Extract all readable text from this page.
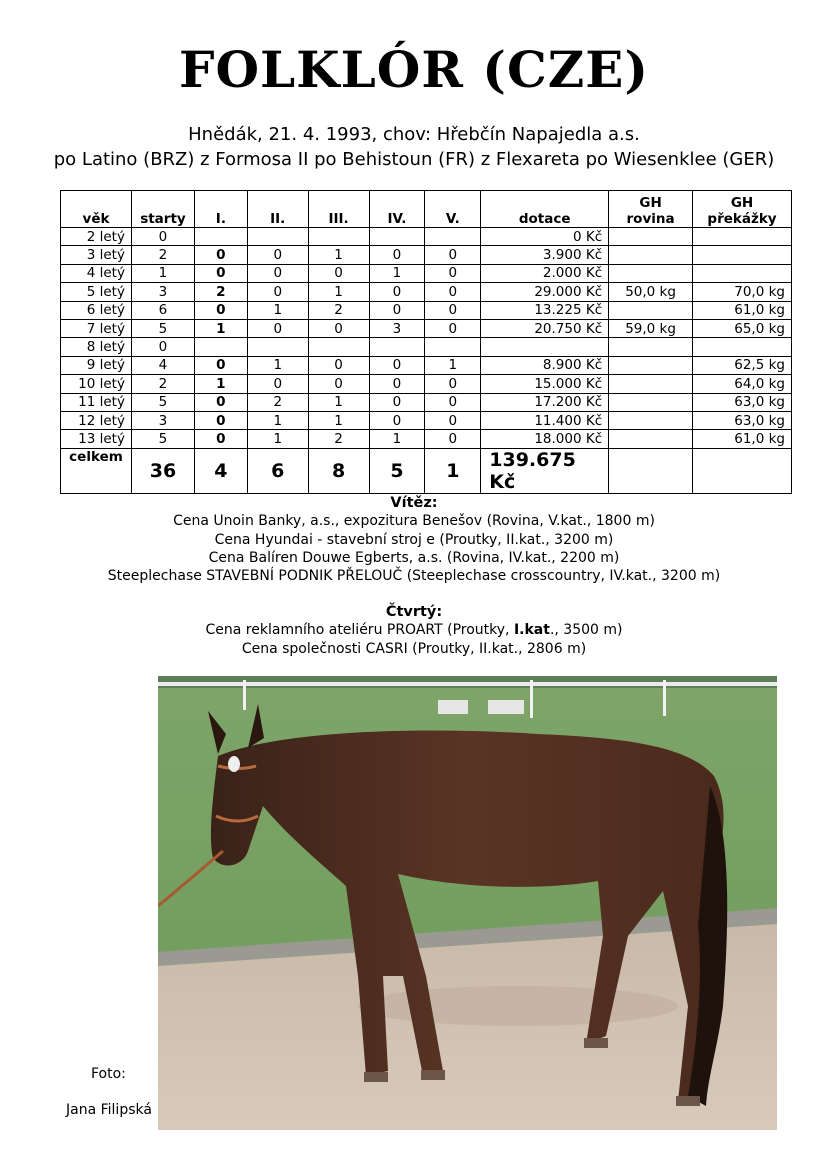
FOLKLÓR (CZE)
Hnědák, 21. 4. 1993, chov: Hřebčín Napajedla a.s.
po Latino (BRZ) z Formosa II po Behistoun (FR) z Flexareta po Wiesenklee (GER)
věk	starty	I.	II.	III.	IV.	V.	dotace	GH rovina	GH překážky
2 letý	0						0 Kč		
3 letý	2	0	0	1	0	0	3.900 Kč		
4 letý	1	0	0	0	1	0	2.000 Kč		
5 letý	3	2	0	1	0	0	29.000 Kč	50,0 kg	70,0 kg
6 letý	6	0	1	2	0	0	13.225 Kč		61,0 kg
7 letý	5	1	0	0	3	0	20.750 Kč	59,0 kg	65,0 kg
8 letý	0								
9 letý	4	0	1	0	0	1	8.900 Kč		62,5 kg
10 letý	2	1	0	0	0	0	15.000 Kč		64,0 kg
11 letý	5	0	2	1	0	0	17.200 Kč		63,0 kg
12 letý	3	0	1	1	0	0	11.400 Kč		63,0 kg
13 letý	5	0	1	2	1	0	18.000 Kč		61,0 kg
celkem	36	4	6	8	5	1	139.675 Kč		
Vítěz:
Cena Unoin Banky, a.s., expozitura Benešov (Rovina, V.kat., 1800 m)
Cena Hyundai - stavební stroj e (Proutky, II.kat., 3200 m)
Cena Balíren Douwe Egberts, a.s. (Rovina, IV.kat., 2200 m)
Steeplechase STAVEBNÍ PODNIK PŘELOUČ (Steeplechase crosscountry, IV.kat., 3200 m)
Čtvrtý:
Cena reklamního ateliéru PROART (Proutky, I.kat., 3500 m)
Cena společnosti CASRI (Proutky, II.kat., 2806 m)
Foto:
Jana Filipská
